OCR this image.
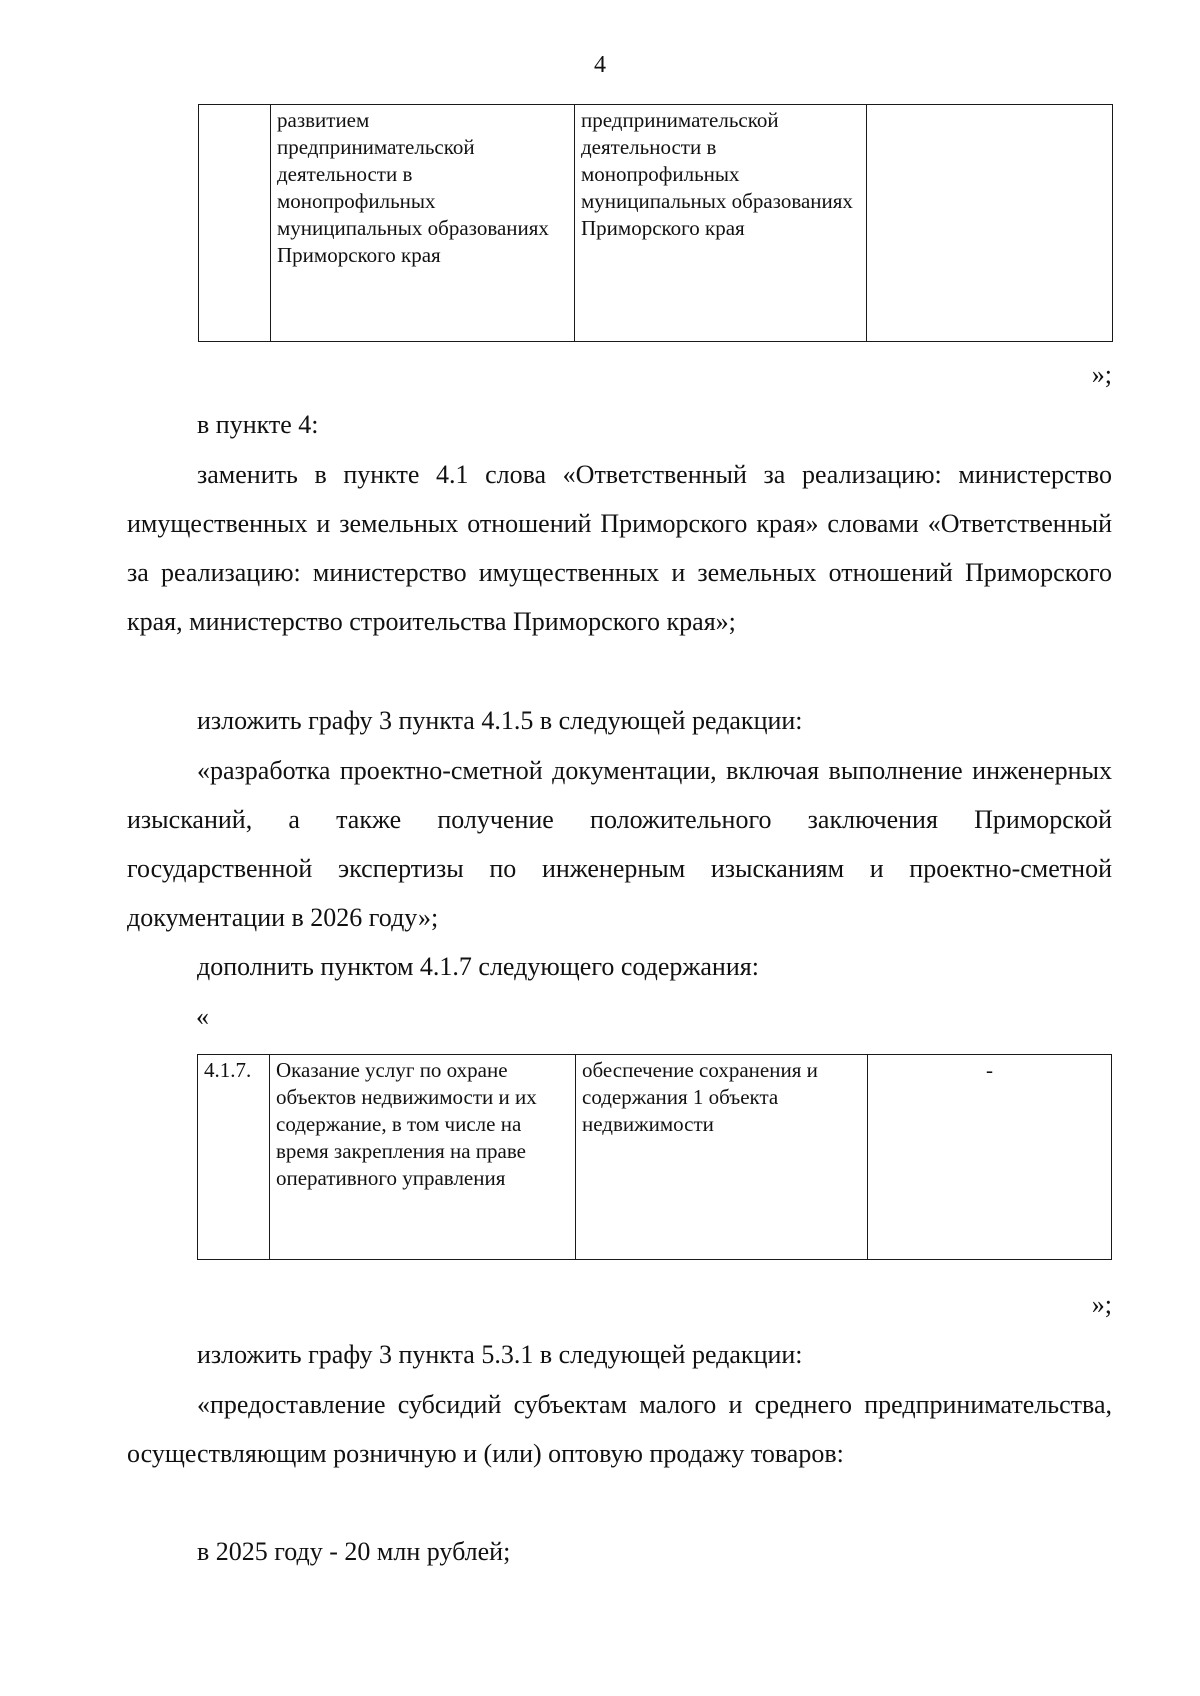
4
	развитием предпринимательской деятельности в монопрофильных муниципальных образованиях Приморского края	предпринимательской деятельности в монопрофильных муниципальных образованиях Приморского края	
»;
в пункте 4:
заменить в пункте 4.1 слова «Ответственный за реализацию: министерство имущественных и земельных отношений Приморского края» словами «Ответственный за реализацию: министерство имущественных и земельных отношений Приморского края, министерство строительства Приморского края»;
изложить графу 3 пункта 4.1.5 в следующей редакции:
«разработка проектно-сметной документации, включая выполнение инженерных изысканий, а также получение положительного заключения Приморской государственной экспертизы по инженерным изысканиям и проектно-сметной документации в 2026 году»;
дополнить пунктом 4.1.7 следующего содержания:
«
4.1.7.	Оказание услуг по охране объектов недвижимости и их содержание, в том числе на время закрепления на праве оперативного управления	обеспечение сохранения и содержания 1 объекта недвижимости	-
»;
изложить графу 3 пункта 5.3.1 в следующей редакции:
«предоставление субсидий субъектам малого и среднего предпринимательства, осуществляющим розничную и (или) оптовую продажу товаров:
в 2025 году - 20 млн рублей;
